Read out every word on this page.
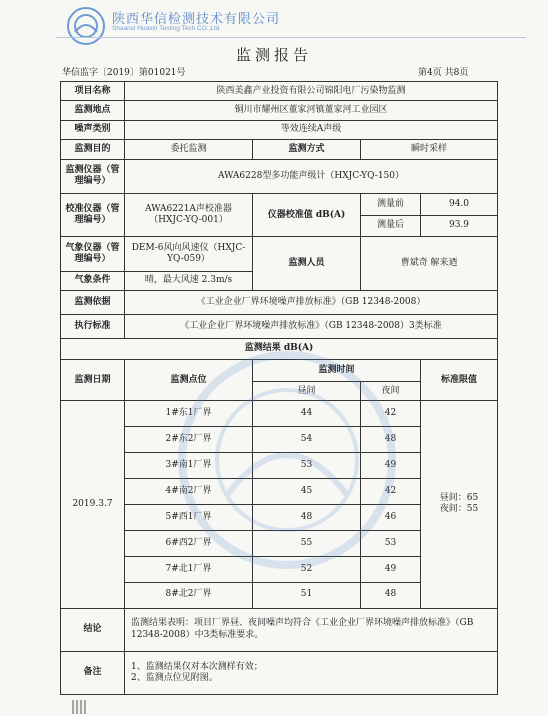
陕西华信检测技术有限公司
Shaanxi Huaxin Testing Tech.CO.,Ltd
监测报告
华信监字〔2019〕第01021号	第4页 共8页
项目名称	陕西美鑫产业投资有限公司锦阳电厂污染物监测			
监测地点	铜川市耀州区董家河镇董家河工业园区			
噪声类别	等效连续A声级			
监测目的	委托监测	监测方式	瞬时采样	
监测仪器（管理编号）	AWA6228型多功能声级计（HXJC-YQ-150）			
校准仪器（管理编号）	AWA6221A声校准器（HXJC-YQ-001）	仪器校准值 dB(A)	测量前	94.0
			测量后	93.9
气象仪器（管理编号）	DEM-6风向风速仪（HXJC-YQ-059）	监测人员	曹斌奇 解来迺	
气象条件	晴，最大风速 2.3m/s			
监测依据	《工业企业厂界环境噪声排放标准》（GB 12348-2008）			
执行标准	《工业企业厂界环境噪声排放标准》（GB 12348-2008）3类标准			
监测结果 dB(A)				
监测日期	监测点位	监测时间		标准限值
		昼间	夜间	
2019.3.7	1#东1厂界	44	42	昼间：65
夜间：55

	2#东2厂界	54	48	
	3#南1厂界	53	49	
	4#南2厂界	45	42	
	5#西1厂界	48	46	
	6#西2厂界	55	53	
	7#北1厂界	52	49	
	8#北2厂界	51	48	
结论	监测结果表明：项目厂界昼、夜间噪声均符合《工业企业厂界环境噪声排放标准》（GB 12348-2008）中3类标准要求。			
备注	1、监测结果仅对本次测样有效；
2、监测点位见附图。			
